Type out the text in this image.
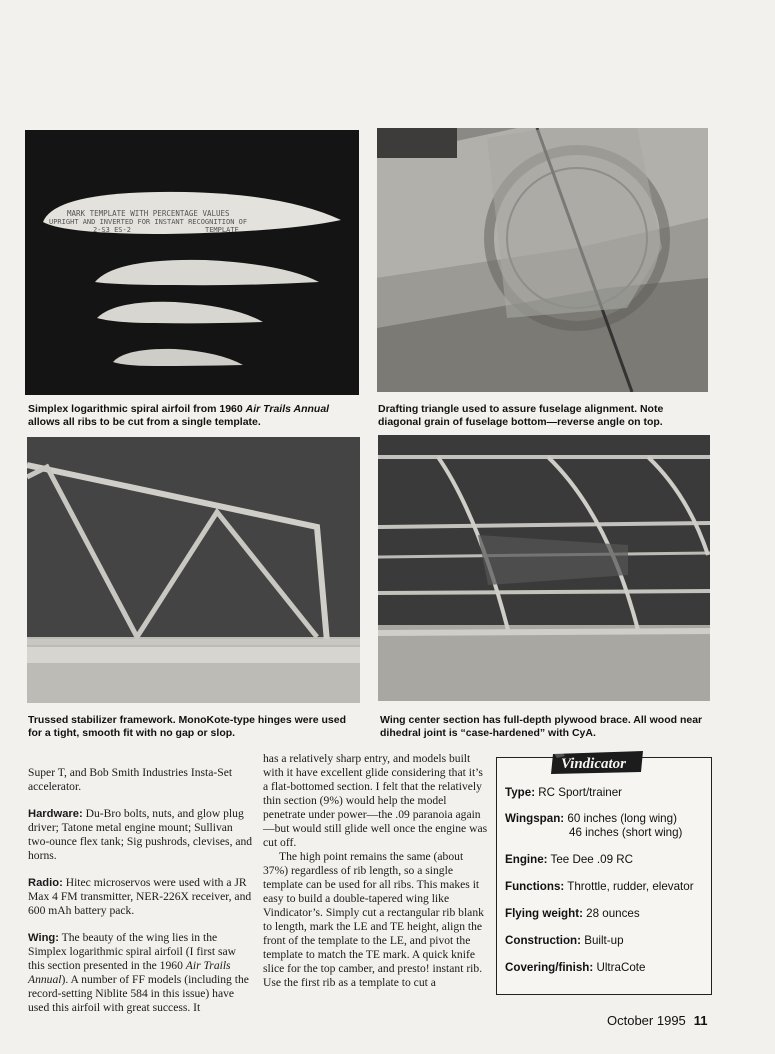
MARK TEMPLATE WITH PERCENTAGE VALUES
UPRIGHT AND INVERTED FOR INSTANT RECOGNITION OF
2-S3 ES-2	TEMPLATE
Simplex logarithmic spiral airfoil from 1960 Air Trails Annual
allows all ribs to be cut from a single template.
Drafting triangle used to assure fuselage alignment. Note
diagonal grain of fuselage bottom—reverse angle on top.
Trussed stabilizer framework. MonoKote-type hinges were used
for a tight, smooth fit with no gap or slop.
Wing center section has full-depth plywood brace. All wood near
dihedral joint is “case-hardened” with CyA.

Super T, and Bob Smith Industries Insta-Set accelerator.

Hardware: Du-Bro bolts, nuts, and glow plug driver; Tatone metal engine mount; Sullivan two-ounce flex tank; Sig pushrods, clevises, and horns.

Radio: Hitec microservos were used with a JR Max 4 FM transmitter, NER-226X receiver, and 600 mAh battery pack.

Wing: The beauty of the wing lies in the Simplex logarithmic spiral airfoil (I first saw this section presented in the 1960 Air Trails Annual). A number of FF models (including the record-setting Niblite 584 in this issue) have used this airfoil with great success. It

has a relatively sharp entry, and models built with it have excellent glide considering that it’s a flat-bottomed section. I felt that the relatively thin section (9%) would help the model penetrate under power—the .09 paranoia again—but would still glide well once the engine was cut off.

The high point remains the same (about 37%) regardless of rib length, so a single template can be used for all ribs. This makes it easy to build a double-tapered wing like Vindicator’s. Simply cut a rectangular rib blank to length, mark the LE and TE height, align the front of the template to the LE, and pivot the template to match the TE mark. A quick knife slice for the top camber, and presto! instant rib. Use the first rib as a template to cut a

Vindicator
Type: RC Sport/trainer
Wingspan: 60 inches (long wing)
46 inches (short wing)
Engine: Tee Dee .09 RC
Functions: Throttle, rudder, elevator
Flying weight: 28 ounces
Construction: Built-up
Covering/finish: UltraCote
October 1995 11
